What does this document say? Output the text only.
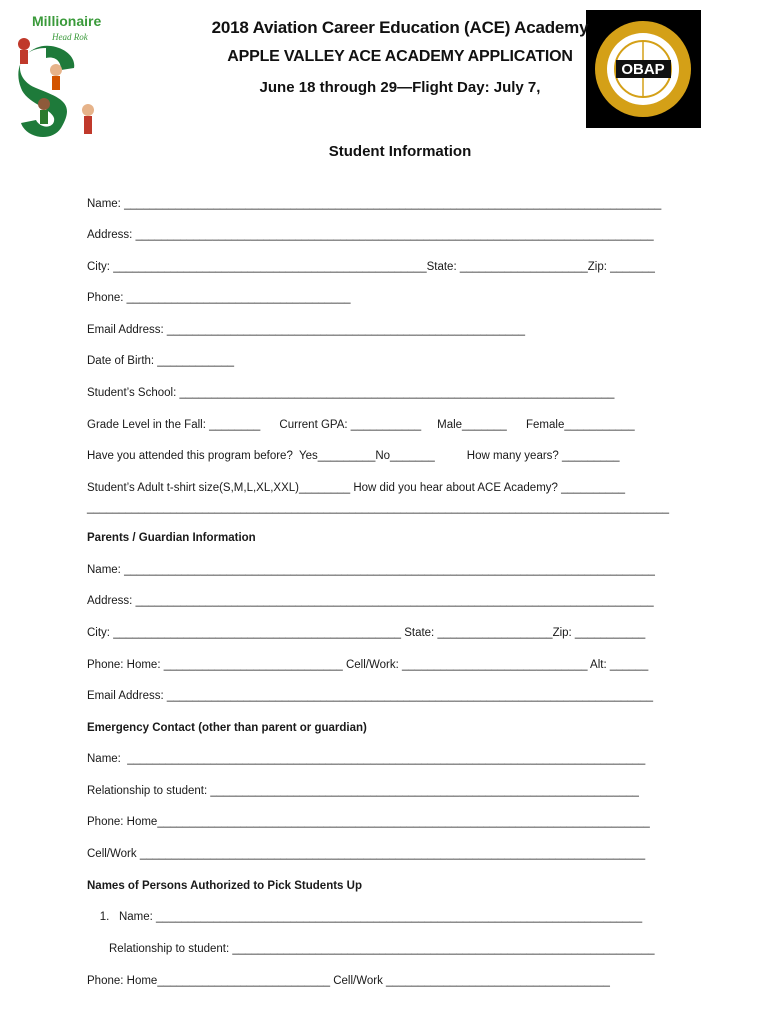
Millionaire
Head Rok
OBAP
2018 Aviation Career Education (ACE) Academy
APPLE VALLEY ACE ACADEMY APPLICATION
June 18 through 29—Flight Day: July 7,
Student Information
Name: ____________________________________________________________________________________
Address: _________________________________________________________________________________
City: _________________________________________________State: ____________________Zip: _______
Phone: ___________________________________
Email Address: ________________________________________________________
Date of Birth: ____________
Student’s School: ____________________________________________________________________
Grade Level in the Fall: ________      Current GPA: ___________     Male_______      Female___________
Have you attended this program before?  Yes_________No_______          How many years? _________
Student’s Adult t-shirt size(S,M,L,XL,XXL)________ How did you hear about ACE Academy? __________
___________________________________________________________________________________________
Parents / Guardian Information
Name: ___________________________________________________________________________________
Address: _________________________________________________________________________________
City: _____________________________________________ State: __________________Zip: ___________
Phone: Home: ____________________________ Cell/Work: _____________________________ Alt: ______
Email Address: ____________________________________________________________________________
Emergency Contact (other than parent or guardian)
Name:  _________________________________________________________________________________
Relationship to student: ___________________________________________________________________
Phone: Home_____________________________________________________________________________
Cell/Work _______________________________________________________________________________
Names of Persons Authorized to Pick Students Up
1.   Name: ____________________________________________________________________________
Relationship to student: __________________________________________________________________
Phone: Home___________________________ Cell/Work ___________________________________
